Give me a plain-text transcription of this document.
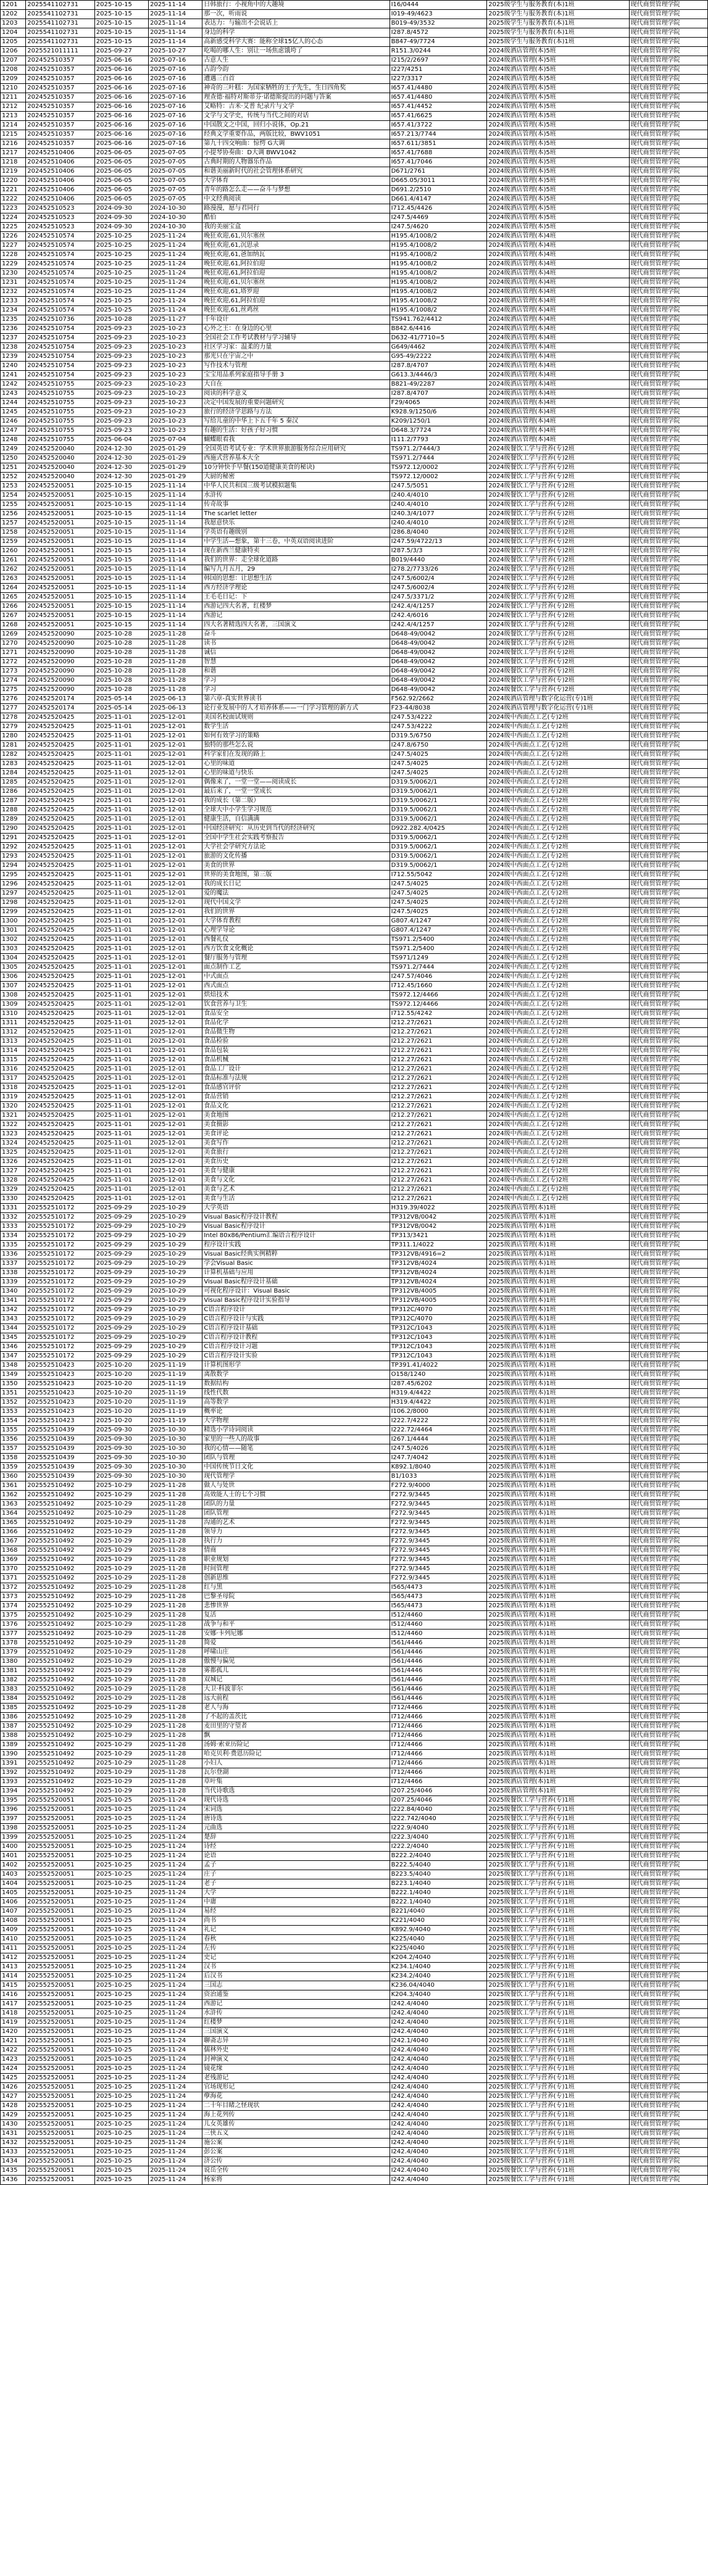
1201	2025541102731	2025-10-15	2025-11-14	日韩旅行：小视角中的大趣境	I16/0444	2025级学生与服务教育(本)1班	现代商贸管理学院
1202	2025541102731	2025-10-15	2025-11-14	那一次，听雨说	I019-49/4623	2025级学生与服务教育(本)1班	现代商贸管理学院
1203	2025541102731	2025-10-15	2025-11-14	表达力：与输出不会说话上	B019-49/3532	2025级学生与服务教育(本)1班	现代商贸管理学院
1204	2025541102731	2025-10-15	2025-11-14	身边的科学	I287.8/4572	2025级学生与服务教育(本)1班	现代商贸管理学院
1205	2025541102731	2025-10-15	2025-11-14	高新感受科学大赛：能称全球15亿人的心态	B847-49/7724	2025级学生与服务教育(本)1班	现代商贸管理学院
1206	2025521011111	2025-09-27	2025-10-27	吃喝的哪人生：别让一场焦虑饿垮了	R151.3/0244	2024级酒店管理(本)5班	现代商贸管理学院
1207	202452510357	2025-06-16	2025-07-16	古意人生	I215/2/2697	2024级酒店管理(本)5班	现代商贸管理学院
1208	202452510357	2025-06-16	2025-07-16	古韵今韵	I227/4251	2024级酒店管理(本)5班	现代商贸管理学院
1209	202452510357	2025-06-16	2025-07-16	遭遇三百首	I227/3317	2024级酒店管理(本)5班	现代商贸管理学院
1210	202452510357	2025-06-16	2025-07-16	神奇的三叶糕：为国家牺牲的王子先生，生日四角奖	I657.41/4480	2024级酒店管理(本)5班	现代商贸管理学院
1211	202452510357	2025-06-16	2025-07-16	理查德·福特对斯蒂芬·诺德斯提出的问题与答案	I657.41/4480	2024级酒店管理(本)5班	现代商贸管理学院
1212	202452510357	2025-06-16	2025-07-16	艾略特：吉米·艾普 纪录片与文学	I657.41/4452	2024级酒店管理(本)5班	现代商贸管理学院
1213	202452510357	2025-06-16	2025-07-16	文学与文学史，传统与当代之间的对话	I657.41/6625	2024级酒店管理(本)5班	现代商贸管理学院
1214	202452510357	2025-06-16	2025-07-16	中国散文之中国，回归小说体，Op.21	I657.41/3722	2024级酒店管理(本)5班	现代商贸管理学院
1215	202452510357	2025-06-16	2025-07-16	经典文学重要作品，两版比较，BWV1051	I657.213/7744	2024级酒店管理(本)5班	现代商贸管理学院
1216	202452510357	2025-06-16	2025-07-16	第九十四交响曲：惊愕 G大调	I657.611/3851	2024级酒店管理(本)5班	现代商贸管理学院
1217	202452510406	2025-06-05	2025-07-05	小提琴协奏曲：D大调 BWV1042	I657.41/7688	2024级酒店管理(本)5班	现代商贸管理学院
1218	202452510406	2025-06-05	2025-07-05	古典时期的人物器乐作品	I657.41/7046	2024级酒店管理(本)5班	现代商贸管理学院
1219	202452510406	2025-06-05	2025-07-05	和谐美丽新时代的社会管理体系研究	D671/2761	2024级酒店管理(本)5班	现代商贸管理学院
1220	202452510406	2025-06-05	2025-07-05	大学体育	D665.05/3011	2024级酒店管理(本)5班	现代商贸管理学院
1221	202452510406	2025-06-05	2025-07-05	青年的路怎么走——奋斗与梦想	D691.2/2510	2024级酒店管理(本)5班	现代商贸管理学院
1222	202452510406	2025-06-05	2025-07-05	中文经典阅读	D661.4/4147	2024级酒店管理(本)5班	现代商贸管理学院
1223	202452510523	2024-09-30	2024-10-30	路漫漫，愿与君同行	I712.45/4426	2024级酒店管理(本)5班	现代商贸管理学院
1224	202452510523	2024-09-30	2024-10-30	酷伯	I247.5/4469	2024级酒店管理(本)5班	现代商贸管理学院
1225	202452510523	2024-09-30	2024-10-30	我的美丽宝盒	I247.5/4620	2024级酒店管理(本)5班	现代商贸管理学院
1226	202452510574	2025-10-25	2025-11-24	晚狂欢迎,61,贝尔塞丝	H195.4/1008/2	2024级酒店管理(本)4班	现代商贸管理学院
1227	202452510574	2025-10-25	2025-11-24	晚狂欢迎,61,沉思录	H195.4/1008/2	2024级酒店管理(本)4班	现代商贸管理学院
1228	202452510574	2025-10-25	2025-11-24	晚狂欢迎,61,爸加纳瓦	H195.4/1008/2	2024级酒店管理(本)4班	现代商贸管理学院
1229	202452510574	2025-10-25	2025-11-24	晚狂欢迎,61,阿拉伯迎	H195.4/1008/2	2024级酒店管理(本)4班	现代商贸管理学院
1230	202452510574	2025-10-25	2025-11-24	晚狂欢迎,61,阿拉伯迎	H195.4/1008/2	2024级酒店管理(本)4班	现代商贸管理学院
1231	202452510574	2025-10-25	2025-11-24	晚狂欢迎,61,贝尔塞丝	H195.4/1008/2	2024级酒店管理(本)4班	现代商贸管理学院
1232	202452510574	2025-10-25	2025-11-24	晚狂欢迎,61,塔罗迎	H195.4/1008/2	2024级酒店管理(本)4班	现代商贸管理学院
1233	202452510574	2025-10-25	2025-11-24	晚狂欢迎,61,阿拉伯迎	H195.4/1008/2	2024级酒店管理(本)4班	现代商贸管理学院
1234	202452510574	2025-10-25	2025-11-24	晚狂欢迎,61,丝鸡丝	H195.4/1008/2	2024级酒店管理(本)4班	现代商贸管理学院
1235	202452510736	2025-10-28	2025-11-27	千年设计	TS941.762/4412	2024级酒店管理(本)4班	现代商贸管理学院
1236	202452510754	2025-09-23	2025-10-23	心外之王：在身边的心里	B842.6/4416	2024级酒店管理(本)4班	现代商贸管理学院
1237	202452510754	2025-09-23	2025-10-23	全国社会工作考试教材与学习辅导	D632-41/7710=5	2024级酒店管理(本)4班	现代商贸管理学院
1238	202452510754	2025-09-23	2025-10-23	社区学习家：温柔的力量	G649/4462	2024级酒店管理(本)4班	现代商贸管理学院
1239	202452510754	2025-09-23	2025-10-23	那光只在宇宙之中	G95-49/2222	2024级酒店管理(本)4班	现代商贸管理学院
1240	202452510754	2025-09-23	2025-10-23	写作技术与管理	I287.8/4707	2024级酒店管理(本)4班	现代商贸管理学院
1241	202452510754	2025-09-23	2025-10-23	宝宝用品系列家庭指导手册 3	G613.3/4446/3	2024级酒店管理(本)4班	现代商贸管理学院
1242	202452510755	2025-09-23	2025-10-23	大自在	B821-49/2287	2024级酒店管理(本)4班	现代商贸管理学院
1243	202452510755	2025-09-23	2025-10-23	阅读的科学意义	I287.8/4707	2024级酒店管理(本)4班	现代商贸管理学院
1244	202452510755	2025-09-23	2025-10-23	决定中国发展的重要问题研究	F29/4065	2024级酒店管理(本)4班	现代商贸管理学院
1245	202452510755	2025-09-23	2025-10-23	旅行的经济学思路与方法	K928.9/1250/6	2024级酒店管理(本)4班	现代商贸管理学院
1246	202452510755	2025-09-23	2025-10-23	写给儿童的中华上下五千年 5 秦汉	K209/1250/1	2024级酒店管理(本)4班	现代商贸管理学院
1247	202452510755	2025-09-23	2025-10-23	有趣的生活：好孩子好习惯	D648.3/7724	2024级酒店管理(本)4班	现代商贸管理学院
1248	202452510755	2025-06-04	2025-07-04	蝴蝶眼看我	I111.2/7793	2024级酒店管理(本)4班	现代商贸管理学院
1249	202452520040	2024-12-30	2025-01-29	全国英语考试专业：学术世界旅游服务综合应用研究	TS971.2/7444/3	2024级餐饮工学与营养(专)2班	现代商贸管理学院
1250	202452520040	2024-12-30	2025-01-29	西施式营养基本大全	TS971.2/7444	2024级餐饮工学与营养(专)2班	现代商贸管理学院
1251	202452520040	2024-12-30	2025-01-29	10分钟快手早餐(150道健康美食的秘诀)	TS972.12/0002	2024级餐饮工学与营养(专)2班	现代商贸管理学院
1252	202452520040	2024-12-30	2025-01-29	大厨的秘密	TS972.12/0002	2024级餐饮工学与营养(专)2班	现代商贸管理学院
1253	202452520051	2025-10-15	2025-11-14	中华人民共和国三级考试模拟题集	I247.5/5051	2024级餐饮工学与营养(专)2班	现代商贸管理学院
1254	202452520051	2025-10-15	2025-11-14	水浒传	I240.4/4010	2024级餐饮工学与营养(专)2班	现代商贸管理学院
1255	202452520051	2025-10-15	2025-11-14	传奇故事	I240.4/4010	2024级餐饮工学与营养(专)2班	现代商贸管理学院
1256	202452520051	2025-10-15	2025-11-14	The scarlet letter	I240.3/4/1077	2024级餐饮工学与营养(专)2班	现代商贸管理学院
1257	202452520051	2025-10-15	2025-11-14	我愿意快乐	I240.4/4010	2024级餐饮工学与营养(专)2班	现代商贸管理学院
1258	202452520051	2025-10-15	2025-11-14	学英语有趣级别	I286.8/4040	2024级餐饮工学与营养(专)2班	现代商贸管理学院
1259	202452520051	2025-10-15	2025-11-14	中学生活—想象，第十三卷，中英双语阅读进阶	I247.59/4722/13	2024级餐饮工学与营养(专)2班	现代商贸管理学院
1260	202452520051	2025-10-15	2025-11-14	现在新西兰健康特卖	I287.5/3/3	2024级餐饮工学与营养(专)2班	现代商贸管理学院
1261	202452520051	2025-10-15	2025-11-14	我们的世界：走全球化道路	B019/4440	2024级餐饮工学与营养(专)2班	现代商贸管理学院
1262	202452520051	2025-10-15	2025-11-14	编写九月五月，29	I278.2/7733/26	2024级餐饮工学与营养(专)2班	现代商贸管理学院
1263	202452520051	2025-10-15	2025-11-14	韩国的思想：让思想生活	I247.5/6002/4	2024级餐饮工学与营养(专)2班	现代商贸管理学院
1264	202452520051	2025-10-15	2025-11-14	西方经济学理论	I247.5/6002/4	2024级餐饮工学与营养(专)2班	现代商贸管理学院
1265	202452520051	2025-10-15	2025-11-14	王毛毛日记：下	I247.5/3371/2	2024级餐饮工学与营养(专)2班	现代商贸管理学院
1266	202452520051	2025-10-15	2025-11-14	西游记四大名著，红楼梦	I242.4/4/1257	2024级餐饮工学与营养(专)2班	现代商贸管理学院
1267	202452520051	2025-10-15	2025-11-14	西游记	I242.4/6016	2024级餐饮工学与营养(专)2班	现代商贸管理学院
1268	202452520051	2025-10-15	2025-11-14	四大名著精选四大名著，三国演义	I242.4/4/1257	2024级餐饮工学与营养(专)2班	现代商贸管理学院
1269	202452520090	2025-10-28	2025-11-28	奋斗	D648-49/0042	2024级餐饮工学与营养(专)2班	现代商贸管理学院
1270	202452520090	2025-10-28	2025-11-28	读书	D648-49/0042	2024级餐饮工学与营养(专)2班	现代商贸管理学院
1271	202452520090	2025-10-28	2025-11-28	诚信	D648-49/0042	2024级餐饮工学与营养(专)2班	现代商贸管理学院
1272	202452520090	2025-10-28	2025-11-28	智慧	D648-49/0042	2024级餐饮工学与营养(专)2班	现代商贸管理学院
1273	202452520090	2025-10-28	2025-11-28	和谐	D648-49/0042	2024级餐饮工学与营养(专)2班	现代商贸管理学院
1274	202452520090	2025-10-28	2025-11-28	学习	D648-49/0042	2024级餐饮工学与营养(专)2班	现代商贸管理学院
1275	202452520090	2025-10-28	2025-11-28	学习	D648-49/0042	2024级餐饮工学与营养(专)2班	现代商贸管理学院
1276	202452520174	2025-05-14	2025-06-13	第六章-真实世界读书	F562.92/2662	2024级酒店管理与数字化运营(专)1班	现代商贸管理学院
1277	202452520174	2025-05-14	2025-06-13	论行业发展中的人才培养体系——一门学习管理的新方式	F23-44/8038	2024级酒店管理与数字化运营(专)1班	现代商贸管理学院
1278	202452520425	2025-11-01	2025-12-01	美国名校面试规则	I247.53/4222	2024级中西面点工艺(专)2班	现代商贸管理学院
1279	202452520425	2025-11-01	2025-12-01	数学生活	I247.53/4222	2024级中西面点工艺(专)2班	现代商贸管理学院
1280	202452520425	2025-11-01	2025-12-01	如何有效学习的策略	D319.5/6750	2024级中西面点工艺(专)2班	现代商贸管理学院
1281	202452520425	2025-11-01	2025-12-01	独特的那些怎么说	I247.8/6750	2024级中西面点工艺(专)2班	现代商贸管理学院
1282	202452520425	2025-11-01	2025-12-01	科学家们在发现的路上	I247.5/4025	2024级中西面点工艺(专)2班	现代商贸管理学院
1283	202452520425	2025-11-01	2025-12-01	心里的味道	I247.5/4025	2024级中西面点工艺(专)2班	现代商贸管理学院
1284	202452520425	2025-11-01	2025-12-01	心里的味道与快乐	I247.5/4025	2024级中西面点工艺(专)2班	现代商贸管理学院
1285	202452520425	2025-11-01	2025-12-01	偶像来了，一堂一堂——阅读成长	D319.5/0062/1	2024级中西面点工艺(专)2班	现代商贸管理学院
1286	202452520425	2025-11-01	2025-12-01	最后来了，一堂一堂成长	D319.5/0062/1	2024级中西面点工艺(专)2班	现代商贸管理学院
1287	202452520425	2025-11-01	2025-12-01	我的成长（第二版）	D319.5/0062/1	2024级中西面点工艺(专)2班	现代商贸管理学院
1288	202452520425	2025-11-01	2025-12-01	全球大中小学生学习规范	D319.5/0062/1	2024级中西面点工艺(专)2班	现代商贸管理学院
1289	202452520425	2025-11-01	2025-12-01	健康生活，自信满满	D319.5/0062/1	2024级中西面点工艺(专)2班	现代商贸管理学院
1290	202452520425	2025-11-01	2025-12-01	中国经济研究：从历史到当代的经济研究	D922.282.4/0425	2024级中西面点工艺(专)2班	现代商贸管理学院
1291	202452520425	2025-11-01	2025-12-01	全国中学生社会实践考察报告	D319.5/0062/1	2024级中西面点工艺(专)2班	现代商贸管理学院
1292	202452520425	2025-11-01	2025-12-01	大学社会学研究方法论	D319.5/0062/1	2024级中西面点工艺(专)2班	现代商贸管理学院
1293	202452520425	2025-11-01	2025-12-01	旅游的文化传播	D319.5/0062/1	2024级中西面点工艺(专)2班	现代商贸管理学院
1294	202452520425	2025-11-01	2025-12-01	美食的世界	D319.5/0062/1	2024级中西面点工艺(专)2班	现代商贸管理学院
1295	202452520425	2025-11-01	2025-12-01	世界的美食地图，第三版	I712.55/5042	2024级中西面点工艺(专)2班	现代商贸管理学院
1296	202452520425	2025-11-01	2025-12-01	我的成长日记	I247.5/4025	2024级中西面点工艺(专)2班	现代商贸管理学院
1297	202452520425	2025-11-01	2025-12-01	爱的魔法	I247.5/4025	2024级中西面点工艺(专)2班	现代商贸管理学院
1298	202452520425	2025-11-01	2025-12-01	现代中国文学	I247.5/4025	2024级中西面点工艺(专)2班	现代商贸管理学院
1299	202452520425	2025-11-01	2025-12-01	我们的世界	I247.5/4025	2024级中西面点工艺(专)2班	现代商贸管理学院
1300	202452520425	2025-11-01	2025-12-01	大学体育教程	G807.4/1247	2024级中西面点工艺(专)2班	现代商贸管理学院
1301	202452520425	2025-11-01	2025-12-01	心理学导论	G807.4/1247	2024级中西面点工艺(专)2班	现代商贸管理学院
1302	202452520425	2025-11-01	2025-12-01	西餐礼仪	TS971.2/5400	2024级中西面点工艺(专)2班	现代商贸管理学院
1303	202452520425	2025-11-01	2025-12-01	西方饮食文化概论	TS971.2/5400	2024级中西面点工艺(专)2班	现代商贸管理学院
1304	202452520425	2025-11-01	2025-12-01	餐厅服务与管理	TS971/1249	2024级中西面点工艺(专)2班	现代商贸管理学院
1305	202452520425	2025-11-01	2025-12-01	面点制作工艺	TS971.2/7444	2024级中西面点工艺(专)2班	现代商贸管理学院
1306	202452520425	2025-11-01	2025-12-01	中式面点	I247.57/4046	2024级中西面点工艺(专)2班	现代商贸管理学院
1307	202452520425	2025-11-01	2025-12-01	西式面点	I712.45/1660	2024级中西面点工艺(专)2班	现代商贸管理学院
1308	202452520425	2025-11-01	2025-12-01	烘焙技术	TS972.12/4466	2024级中西面点工艺(专)2班	现代商贸管理学院
1309	202452520425	2025-11-01	2025-12-01	饮食营养与卫生	TS972.12/4466	2024级中西面点工艺(专)2班	现代商贸管理学院
1310	202452520425	2025-11-01	2025-12-01	食品安全	I712.55/4242	2024级中西面点工艺(专)2班	现代商贸管理学院
1311	202452520425	2025-11-01	2025-12-01	食品化学	I212.27/2621	2024级中西面点工艺(专)2班	现代商贸管理学院
1312	202452520425	2025-11-01	2025-12-01	食品微生物	I212.27/2621	2024级中西面点工艺(专)2班	现代商贸管理学院
1313	202452520425	2025-11-01	2025-12-01	食品检验	I212.27/2621	2024级中西面点工艺(专)2班	现代商贸管理学院
1314	202452520425	2025-11-01	2025-12-01	食品包装	I212.27/2621	2024级中西面点工艺(专)2班	现代商贸管理学院
1315	202452520425	2025-11-01	2025-12-01	食品机械	I212.27/2621	2024级中西面点工艺(专)2班	现代商贸管理学院
1316	202452520425	2025-11-01	2025-12-01	食品工厂设计	I212.27/2621	2024级中西面点工艺(专)2班	现代商贸管理学院
1317	202452520425	2025-11-01	2025-12-01	食品标准与法规	I212.27/2621	2024级中西面点工艺(专)2班	现代商贸管理学院
1318	202452520425	2025-11-01	2025-12-01	食品感官评价	I212.27/2621	2024级中西面点工艺(专)2班	现代商贸管理学院
1319	202452520425	2025-11-01	2025-12-01	食品营销	I212.27/2621	2024级中西面点工艺(专)2班	现代商贸管理学院
1320	202452520425	2025-11-01	2025-12-01	食品文化	I212.27/2621	2024级中西面点工艺(专)2班	现代商贸管理学院
1321	202452520425	2025-11-01	2025-12-01	美食地图	I212.27/2621	2024级中西面点工艺(专)2班	现代商贸管理学院
1322	202452520425	2025-11-01	2025-12-01	美食摄影	I212.27/2621	2024级中西面点工艺(专)2班	现代商贸管理学院
1323	202452520425	2025-11-01	2025-12-01	美食评论	I212.27/2621	2024级中西面点工艺(专)2班	现代商贸管理学院
1324	202452520425	2025-11-01	2025-12-01	美食写作	I212.27/2621	2024级中西面点工艺(专)2班	现代商贸管理学院
1325	202452520425	2025-11-01	2025-12-01	美食旅行	I212.27/2621	2024级中西面点工艺(专)2班	现代商贸管理学院
1326	202452520425	2025-11-01	2025-12-01	美食历史	I212.27/2621	2024级中西面点工艺(专)2班	现代商贸管理学院
1327	202452520425	2025-11-01	2025-12-01	美食与健康	I212.27/2621	2024级中西面点工艺(专)2班	现代商贸管理学院
1328	202452520425	2025-11-01	2025-12-01	美食与文化	I212.27/2621	2024级中西面点工艺(专)2班	现代商贸管理学院
1329	202452520425	2025-11-01	2025-12-01	美食与艺术	I212.27/2621	2024级中西面点工艺(专)2班	现代商贸管理学院
1330	202452520425	2025-11-01	2025-12-01	美食与生活	I212.27/2621	2024级中西面点工艺(专)2班	现代商贸管理学院
1331	202552510172	2025-09-29	2025-10-29	大学英语	H319.39/4022	2025级酒店管理(本)1班	现代商贸管理学院
1332	202552510172	2025-09-29	2025-10-29	Visual Basic程序设计教程	TP312VB/0042	2025级酒店管理(本)1班	现代商贸管理学院
1333	202552510172	2025-09-29	2025-10-29	Visual Basic程序设计	TP312VB/0042	2025级酒店管理(本)1班	现代商贸管理学院
1334	202552510172	2025-09-29	2025-10-29	Intel 80x86/Pentium汇编语言程序设计	TP313/3421	2025级酒店管理(本)1班	现代商贸管理学院
1335	202552510172	2025-09-29	2025-10-29	程序设计实践	TP311.1/4022	2025级酒店管理(本)1班	现代商贸管理学院
1336	202552510172	2025-09-29	2025-10-29	Visual Basic经典实例精粹	TP312VB/4916=2	2025级酒店管理(本)1班	现代商贸管理学院
1337	202552510172	2025-09-29	2025-10-29	学会Visual Basic	TP312VB/4024	2025级酒店管理(本)1班	现代商贸管理学院
1338	202552510172	2025-09-29	2025-10-29	计算机基础与应用	TP312VB/4024	2025级酒店管理(本)1班	现代商贸管理学院
1339	202552510172	2025-09-29	2025-10-29	Visual Basic程序设计基础	TP312VB/4024	2025级酒店管理(本)1班	现代商贸管理学院
1340	202552510172	2025-09-29	2025-10-29	可视化程序设计：Visual Basic	TP312VB/4005	2025级酒店管理(本)1班	现代商贸管理学院
1341	202552510172	2025-09-29	2025-10-29	Visual Basic程序设计实验指导	TP312VB/4005	2025级酒店管理(本)1班	现代商贸管理学院
1342	202552510172	2025-09-29	2025-10-29	C语言程序设计	TP312C/4070	2025级酒店管理(本)1班	现代商贸管理学院
1343	202552510172	2025-09-29	2025-10-29	C语言程序设计与实践	TP312C/4070	2025级酒店管理(本)1班	现代商贸管理学院
1344	202552510172	2025-09-29	2025-10-29	C语言程序设计基础	TP312C/1043	2025级酒店管理(本)1班	现代商贸管理学院
1345	202552510172	2025-09-29	2025-10-29	C语言程序设计教程	TP312C/1043	2025级酒店管理(本)1班	现代商贸管理学院
1346	202552510172	2025-09-29	2025-10-29	C语言程序设计习题	TP312C/1043	2025级酒店管理(本)1班	现代商贸管理学院
1347	202552510172	2025-09-29	2025-10-29	C语言程序设计实验	TP312C/1043	2025级酒店管理(本)1班	现代商贸管理学院
1348	202552510423	2025-10-20	2025-11-19	计算机图形学	TP391.41/4022	2025级酒店管理(本)1班	现代商贸管理学院
1349	202552510423	2025-10-20	2025-11-19	离散数学	O158/1240	2025级酒店管理(本)1班	现代商贸管理学院
1350	202552510423	2025-10-20	2025-11-19	数据结构	I287.45/6202	2025级酒店管理(本)1班	现代商贸管理学院
1351	202552510423	2025-10-20	2025-11-19	线性代数	H319.4/4422	2025级酒店管理(本)1班	现代商贸管理学院
1352	202552510423	2025-10-20	2025-11-19	高等数学	H319.4/4422	2025级酒店管理(本)1班	现代商贸管理学院
1353	202552510423	2025-10-20	2025-11-19	概率论	I106.2/8000	2025级酒店管理(本)1班	现代商贸管理学院
1354	202552510423	2025-10-20	2025-11-19	大学物理	I222.7/4222	2025级酒店管理(本)1班	现代商贸管理学院
1355	202552510439	2025-09-30	2025-10-30	精选小学诗词阅读	I222.72/4464	2025级酒店管理(本)1班	现代商贸管理学院
1356	202552510439	2025-09-30	2025-10-30	家里的一些人的故事	I267.1/4444	2025级酒店管理(本)1班	现代商贸管理学院
1357	202552510439	2025-09-30	2025-10-30	我的心情——随笔	I247.5/4026	2025级酒店管理(本)1班	现代商贸管理学院
1358	202552510439	2025-09-30	2025-10-30	团队与管理	I247.7/4042	2025级酒店管理(本)1班	现代商贸管理学院
1359	202552510439	2025-09-30	2025-10-30	中国传统节日文化	K892.1/8040	2025级酒店管理(本)1班	现代商贸管理学院
1360	202552510439	2025-09-30	2025-10-30	现代管理学	B1/1033	2025级酒店管理(本)1班	现代商贸管理学院
1361	202552510492	2025-10-29	2025-11-28	做人与处世	F272.9/4000	2025级酒店管理(本)1班	现代商贸管理学院
1362	202552510492	2025-10-29	2025-11-28	高效能人士的七个习惯	F272.9/3445	2025级酒店管理(本)1班	现代商贸管理学院
1363	202552510492	2025-10-29	2025-11-28	团队的力量	F272.9/3445	2025级酒店管理(本)1班	现代商贸管理学院
1364	202552510492	2025-10-29	2025-11-28	团队管理	F272.9/3445	2025级酒店管理(本)1班	现代商贸管理学院
1365	202552510492	2025-10-29	2025-11-28	沟通的艺术	F272.9/3445	2025级酒店管理(本)1班	现代商贸管理学院
1366	202552510492	2025-10-29	2025-11-28	领导力	F272.9/3445	2025级酒店管理(本)1班	现代商贸管理学院
1367	202552510492	2025-10-29	2025-11-28	执行力	F272.9/3445	2025级酒店管理(本)1班	现代商贸管理学院
1368	202552510492	2025-10-29	2025-11-28	情商	F272.9/3445	2025级酒店管理(本)1班	现代商贸管理学院
1369	202552510492	2025-10-29	2025-11-28	职业规划	F272.9/3445	2025级酒店管理(本)1班	现代商贸管理学院
1370	202552510492	2025-10-29	2025-11-28	时间管理	F272.9/3445	2025级酒店管理(本)1班	现代商贸管理学院
1371	202552510492	2025-10-29	2025-11-28	创新思维	F272.9/3445	2025级酒店管理(本)1班	现代商贸管理学院
1372	202552510492	2025-10-29	2025-11-28	红与黑	I565/4473	2025级酒店管理(本)1班	现代商贸管理学院
1373	202552510492	2025-10-29	2025-11-28	巴黎圣母院	I565/4473	2025级酒店管理(本)1班	现代商贸管理学院
1374	202552510492	2025-10-29	2025-11-28	悲惨世界	I565/4473	2025级酒店管理(本)1班	现代商贸管理学院
1375	202552510492	2025-10-29	2025-11-28	复活	I512/4460	2025级酒店管理(本)1班	现代商贸管理学院
1376	202552510492	2025-10-29	2025-11-28	战争与和平	I512/4460	2025级酒店管理(本)1班	现代商贸管理学院
1377	202552510492	2025-10-29	2025-11-28	安娜·卡列尼娜	I512/4460	2025级酒店管理(本)1班	现代商贸管理学院
1378	202552510492	2025-10-29	2025-11-28	简爱	I561/4446	2025级酒店管理(本)1班	现代商贸管理学院
1379	202552510492	2025-10-29	2025-11-28	呼啸山庄	I561/4446	2025级酒店管理(本)1班	现代商贸管理学院
1380	202552510492	2025-10-29	2025-11-28	傲慢与偏见	I561/4446	2025级酒店管理(本)1班	现代商贸管理学院
1381	202552510492	2025-10-29	2025-11-28	雾都孤儿	I561/4446	2025级酒店管理(本)1班	现代商贸管理学院
1382	202552510492	2025-10-29	2025-11-28	双城记	I561/4446	2025级酒店管理(本)1班	现代商贸管理学院
1383	202552510492	2025-10-29	2025-11-28	大卫·科波菲尔	I561/4446	2025级酒店管理(本)1班	现代商贸管理学院
1384	202552510492	2025-10-29	2025-11-28	远大前程	I561/4446	2025级酒店管理(本)1班	现代商贸管理学院
1385	202552510492	2025-10-29	2025-11-28	老人与海	I712/4466	2025级酒店管理(本)1班	现代商贸管理学院
1386	202552510492	2025-10-29	2025-11-28	了不起的盖茨比	I712/4466	2025级酒店管理(本)1班	现代商贸管理学院
1387	202552510492	2025-10-29	2025-11-28	麦田里的守望者	I712/4466	2025级酒店管理(本)1班	现代商贸管理学院
1388	202552510492	2025-10-29	2025-11-28	飘	I712/4466	2025级酒店管理(本)1班	现代商贸管理学院
1389	202552510492	2025-10-29	2025-11-28	汤姆·索亚历险记	I712/4466	2025级酒店管理(本)1班	现代商贸管理学院
1390	202552510492	2025-10-29	2025-11-28	哈克贝利·费恩历险记	I712/4466	2025级酒店管理(本)1班	现代商贸管理学院
1391	202552510492	2025-10-29	2025-11-28	小妇人	I712/4466	2025级酒店管理(本)1班	现代商贸管理学院
1392	202552510492	2025-10-29	2025-11-28	瓦尔登湖	I712/4466	2025级酒店管理(本)1班	现代商贸管理学院
1393	202552510492	2025-10-29	2025-11-28	草叶集	I712/4466	2025级酒店管理(本)1班	现代商贸管理学院
1394	202552510492	2025-10-29	2025-11-28	当代诗歌选	I207.25/4046	2025级酒店管理(本)1班	现代商贸管理学院
1395	202552520051	2025-10-25	2025-11-24	现代诗选	I207.25/4046	2025级餐饮工学与营养(专)1班	现代商贸管理学院
1396	202552520051	2025-10-25	2025-11-24	宋词选	I222.84/4040	2025级餐饮工学与营养(专)1班	现代商贸管理学院
1397	202552520051	2025-10-25	2025-11-24	唐诗选	I222.742/4040	2025级餐饮工学与营养(专)1班	现代商贸管理学院
1398	202552520051	2025-10-25	2025-11-24	元曲选	I222.9/4040	2025级餐饮工学与营养(专)1班	现代商贸管理学院
1399	202552520051	2025-10-25	2025-11-24	楚辞	I222.3/4040	2025级餐饮工学与营养(专)1班	现代商贸管理学院
1400	202552520051	2025-10-25	2025-11-24	诗经	I222.2/4040	2025级餐饮工学与营养(专)1班	现代商贸管理学院
1401	202552520051	2025-10-25	2025-11-24	论语	B222.2/4040	2025级餐饮工学与营养(专)1班	现代商贸管理学院
1402	202552520051	2025-10-25	2025-11-24	孟子	B222.5/4040	2025级餐饮工学与营养(专)1班	现代商贸管理学院
1403	202552520051	2025-10-25	2025-11-24	庄子	B223.5/4040	2025级餐饮工学与营养(专)1班	现代商贸管理学院
1404	202552520051	2025-10-25	2025-11-24	老子	B223.1/4040	2025级餐饮工学与营养(专)1班	现代商贸管理学院
1405	202552520051	2025-10-25	2025-11-24	大学	B222.1/4040	2025级餐饮工学与营养(专)1班	现代商贸管理学院
1406	202552520051	2025-10-25	2025-11-24	中庸	B222.1/4040	2025级餐饮工学与营养(专)1班	现代商贸管理学院
1407	202552520051	2025-10-25	2025-11-24	易经	B221/4040	2025级餐饮工学与营养(专)1班	现代商贸管理学院
1408	202552520051	2025-10-25	2025-11-24	尚书	K221/4040	2025级餐饮工学与营养(专)1班	现代商贸管理学院
1409	202552520051	2025-10-25	2025-11-24	礼记	K892.9/4040	2025级餐饮工学与营养(专)1班	现代商贸管理学院
1410	202552520051	2025-10-25	2025-11-24	春秋	K225/4040	2025级餐饮工学与营养(专)1班	现代商贸管理学院
1411	202552520051	2025-10-25	2025-11-24	左传	K225/4040	2025级餐饮工学与营养(专)1班	现代商贸管理学院
1412	202552520051	2025-10-25	2025-11-24	史记	K204.2/4040	2025级餐饮工学与营养(专)1班	现代商贸管理学院
1413	202552520051	2025-10-25	2025-11-24	汉书	K234.1/4040	2025级餐饮工学与营养(专)1班	现代商贸管理学院
1414	202552520051	2025-10-25	2025-11-24	后汉书	K234.2/4040	2025级餐饮工学与营养(专)1班	现代商贸管理学院
1415	202552520051	2025-10-25	2025-11-24	三国志	K236.04/4040	2025级餐饮工学与营养(专)1班	现代商贸管理学院
1416	202552520051	2025-10-25	2025-11-24	资治通鉴	K204.3/4040	2025级餐饮工学与营养(专)1班	现代商贸管理学院
1417	202552520051	2025-10-25	2025-11-24	西游记	I242.4/4040	2025级餐饮工学与营养(专)1班	现代商贸管理学院
1418	202552520051	2025-10-25	2025-11-24	水浒传	I242.4/4040	2025级餐饮工学与营养(专)1班	现代商贸管理学院
1419	202552520051	2025-10-25	2025-11-24	红楼梦	I242.4/4040	2025级餐饮工学与营养(专)1班	现代商贸管理学院
1420	202552520051	2025-10-25	2025-11-24	三国演义	I242.4/4040	2025级餐饮工学与营养(专)1班	现代商贸管理学院
1421	202552520051	2025-10-25	2025-11-24	聊斋志异	I242.1/4040	2025级餐饮工学与营养(专)1班	现代商贸管理学院
1422	202552520051	2025-10-25	2025-11-24	儒林外史	I242.4/4040	2025级餐饮工学与营养(专)1班	现代商贸管理学院
1423	202552520051	2025-10-25	2025-11-24	封神演义	I242.4/4040	2025级餐饮工学与营养(专)1班	现代商贸管理学院
1424	202552520051	2025-10-25	2025-11-24	镜花缘	I242.4/4040	2025级餐饮工学与营养(专)1班	现代商贸管理学院
1425	202552520051	2025-10-25	2025-11-24	老残游记	I242.4/4040	2025级餐饮工学与营养(专)1班	现代商贸管理学院
1426	202552520051	2025-10-25	2025-11-24	官场现形记	I242.4/4040	2025级餐饮工学与营养(专)1班	现代商贸管理学院
1427	202552520051	2025-10-25	2025-11-24	孽海花	I242.4/4040	2025级餐饮工学与营养(专)1班	现代商贸管理学院
1428	202552520051	2025-10-25	2025-11-24	二十年目睹之怪现状	I242.4/4040	2025级餐饮工学与营养(专)1班	现代商贸管理学院
1429	202552520051	2025-10-25	2025-11-24	海上花列传	I242.4/4040	2025级餐饮工学与营养(专)1班	现代商贸管理学院
1430	202552520051	2025-10-25	2025-11-24	儿女英雄传	I242.4/4040	2025级餐饮工学与营养(专)1班	现代商贸管理学院
1431	202552520051	2025-10-25	2025-11-24	三侠五义	I242.4/4040	2025级餐饮工学与营养(专)1班	现代商贸管理学院
1432	202552520051	2025-10-25	2025-11-24	施公案	I242.4/4040	2025级餐饮工学与营养(专)1班	现代商贸管理学院
1433	202552520051	2025-10-25	2025-11-24	彭公案	I242.4/4040	2025级餐饮工学与营养(专)1班	现代商贸管理学院
1434	202552520051	2025-10-25	2025-11-24	济公传	I242.4/4040	2025级餐饮工学与营养(专)1班	现代商贸管理学院
1435	202552520051	2025-10-25	2025-11-24	说岳全传	I242.4/4040	2025级餐饮工学与营养(专)1班	现代商贸管理学院
1436	202552520051	2025-10-25	2025-11-24	杨家将	I242.4/4040	2025级餐饮工学与营养(专)1班	现代商贸管理学院
